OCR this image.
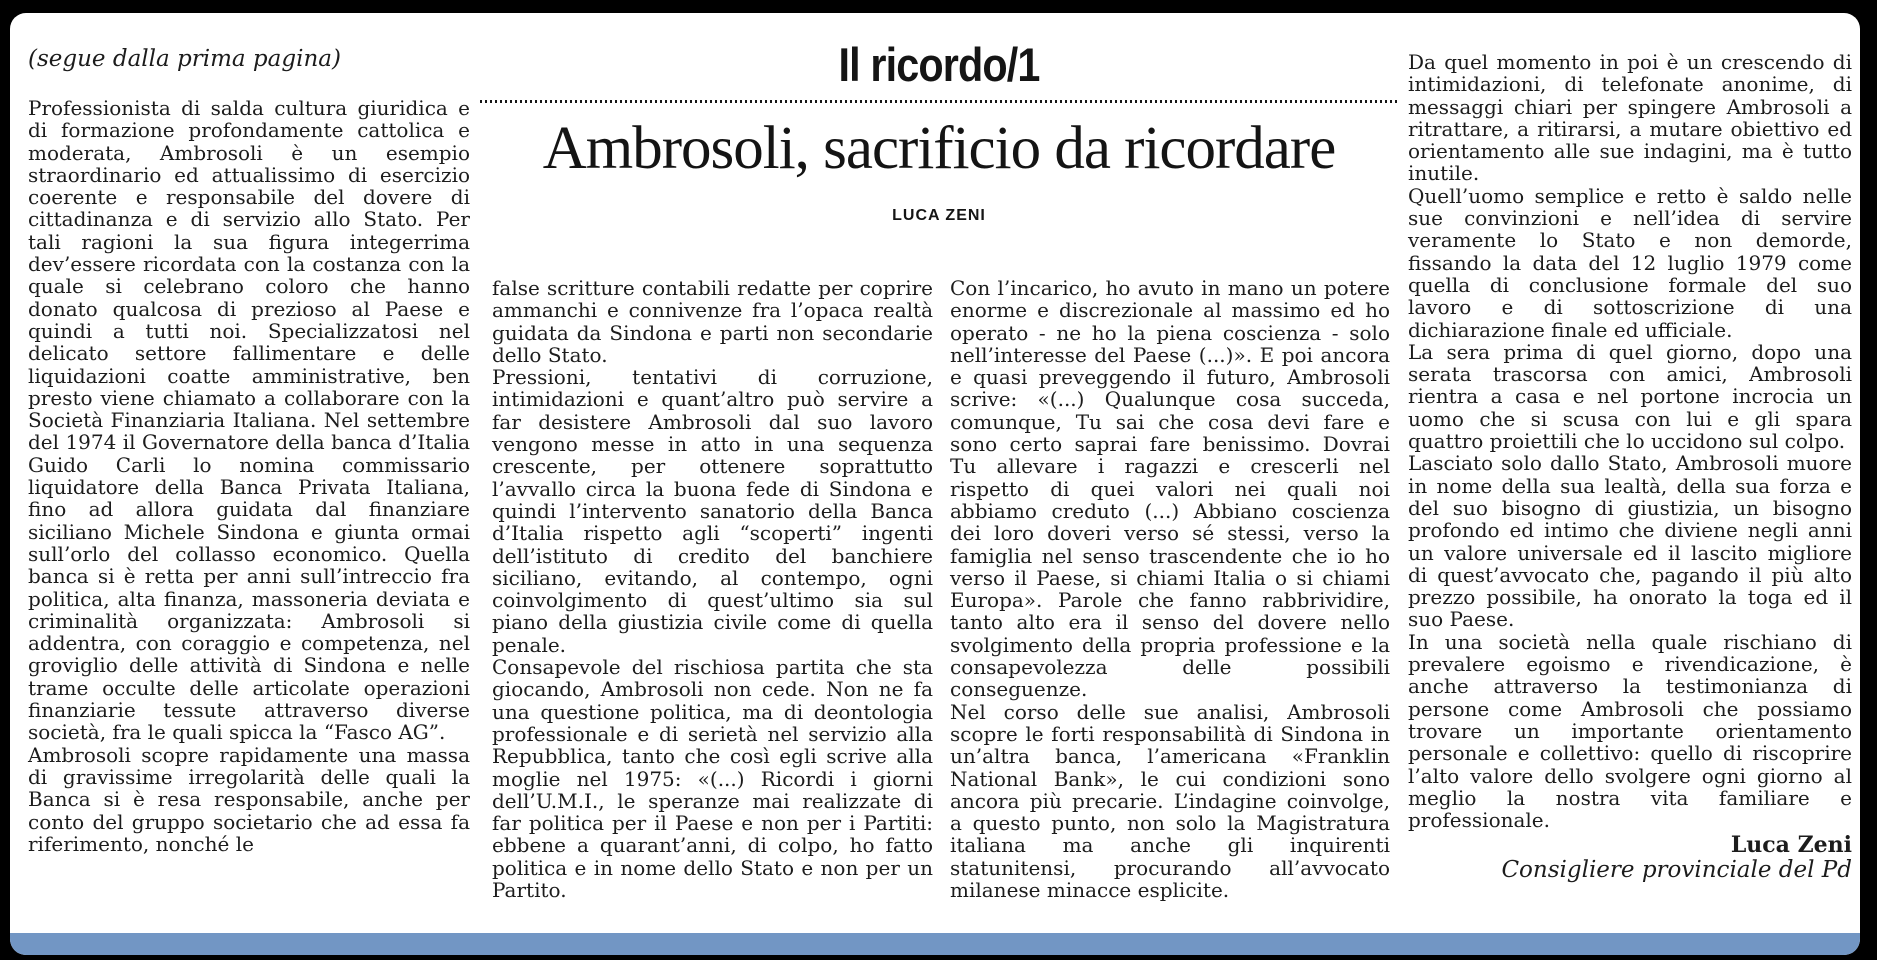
(segue dalla prima pagina)	Il ricordo/1
Ambrosoli, sacrificio da ricordare
LUCA ZENI

Professionista di salda cultura giuridica e di formazione profondamente cattolica e moderata, Ambrosoli è un esempio straordinario ed attualissimo di esercizio coerente e responsabile del dovere di cittadinanza e di servizio allo Stato. Per tali ragioni la sua figura integerrima dev’essere ricordata con la costanza con la quale si celebrano coloro che hanno donato qualcosa di prezioso al Paese e quindi a tutti noi. Specializzatosi nel delicato settore fallimentare e delle liquidazioni coatte amministrative, ben presto viene chiamato a collaborare con la Società Finanziaria Italiana. Nel settembre del 1974 il Governatore della banca d’Italia Guido Carli lo nomina commissario liquidatore della Banca Privata Italiana, fino ad allora guidata dal finanziare siciliano Michele Sindona e giunta ormai sull’orlo del collasso economico. Quella banca si è retta per anni sull’intreccio fra politica, alta finanza, massoneria deviata e criminalità organizzata: Ambrosoli si addentra, con coraggio e competenza, nel groviglio delle attività di Sindona e nelle trame occulte delle articolate operazioni finanziarie tessute attraverso diverse società, fra le quali spicca la “Fasco AG”.

Ambrosoli scopre rapidamente una massa di gravissime irregolarità delle quali la Banca si è resa responsabile, anche per conto del gruppo societario che ad essa fa riferimento, nonché le

false scritture contabili redatte per coprire ammanchi e connivenze fra l’opaca realtà guidata da Sindona e parti non secondarie dello Stato.

Pressioni, tentativi di corruzione, intimidazioni e quant’altro può servire a far desistere Ambrosoli dal suo lavoro vengono messe in atto in una sequenza crescente, per ottenere soprattutto l’avvallo circa la buona fede di Sindona e quindi l’intervento sanatorio della Banca d’Italia rispetto agli “scoperti” ingenti dell’istituto di credito del banchiere siciliano, evitando, al contempo, ogni coinvolgimento di quest’ultimo sia sul piano della giustizia civile come di quella penale.

Consapevole del rischiosa partita che sta giocando, Ambrosoli non cede. Non ne fa una questione politica, ma di deontologia professionale e di serietà nel servizio alla Repubblica, tanto che così egli scrive alla moglie nel 1975: «(...) Ricordi i giorni dell’U.M.I., le speranze mai realizzate di far politica per il Paese e non per i Partiti: ebbene a quarant’anni, di colpo, ho fatto politica e in nome dello Stato e non per un Partito.

Con l’incarico, ho avuto in mano un potere enorme e discrezionale al massimo ed ho operato - ne ho la piena coscienza - solo nell’interesse del Paese (...)». E poi ancora e quasi preveggendo il futuro, Ambrosoli scrive: «(...) Qualunque cosa succeda, comunque, Tu sai che cosa devi fare e sono certo saprai fare benissimo. Dovrai Tu allevare i ragazzi e crescerli nel rispetto di quei valori nei quali noi abbiamo creduto (...) Abbiano coscienza dei loro doveri verso sé stessi, verso la famiglia nel senso trascendente che io ho verso il Paese, si chiami Italia o si chiami Europa». Parole che fanno rabbrividire, tanto alto era il senso del dovere nello svolgimento della propria professione e la consapevolezza delle possibili conseguenze.

Nel corso delle sue analisi, Ambrosoli scopre le forti responsabilità di Sindona in un’altra banca, l’americana «Franklin National Bank», le cui condizioni sono ancora più precarie. L’indagine coinvolge, a questo punto, non solo la Magistratura italiana ma anche gli inquirenti statunitensi, procurando all’avvocato milanese minacce esplicite.

Da quel momento in poi è un crescendo di intimidazioni, di telefonate anonime, di messaggi chiari per spingere Ambrosoli a ritrattare, a ritirarsi, a mutare obiettivo ed orientamento alle sue indagini, ma è tutto inutile.

Quell’uomo semplice e retto è saldo nelle sue convinzioni e nell’idea di servire veramente lo Stato e non demorde, fissando la data del 12 luglio 1979 come quella di conclusione formale del suo lavoro e di sottoscrizione di una dichiarazione finale ed ufficiale.

La sera prima di quel giorno, dopo una serata trascorsa con amici, Ambrosoli rientra a casa e nel portone incrocia un uomo che si scusa con lui e gli spara quattro proiettili che lo uccidono sul colpo.

Lasciato solo dallo Stato, Ambrosoli muore in nome della sua lealtà, della sua forza e del suo bisogno di giustizia, un bisogno profondo ed intimo che diviene negli anni un valore universale ed il lascito migliore di quest’avvocato che, pagando il più alto prezzo possibile, ha onorato la toga ed il suo Paese.

In una società nella quale rischiano di prevalere egoismo e rivendicazione, è anche attraverso la testimonianza di persone come Ambrosoli che possiamo trovare un importante orientamento personale e collettivo: quello di riscoprire l’alto valore dello svolgere ogni giorno al meglio la nostra vita familiare e professionale.

Luca Zeni
Consigliere provinciale del Pd
